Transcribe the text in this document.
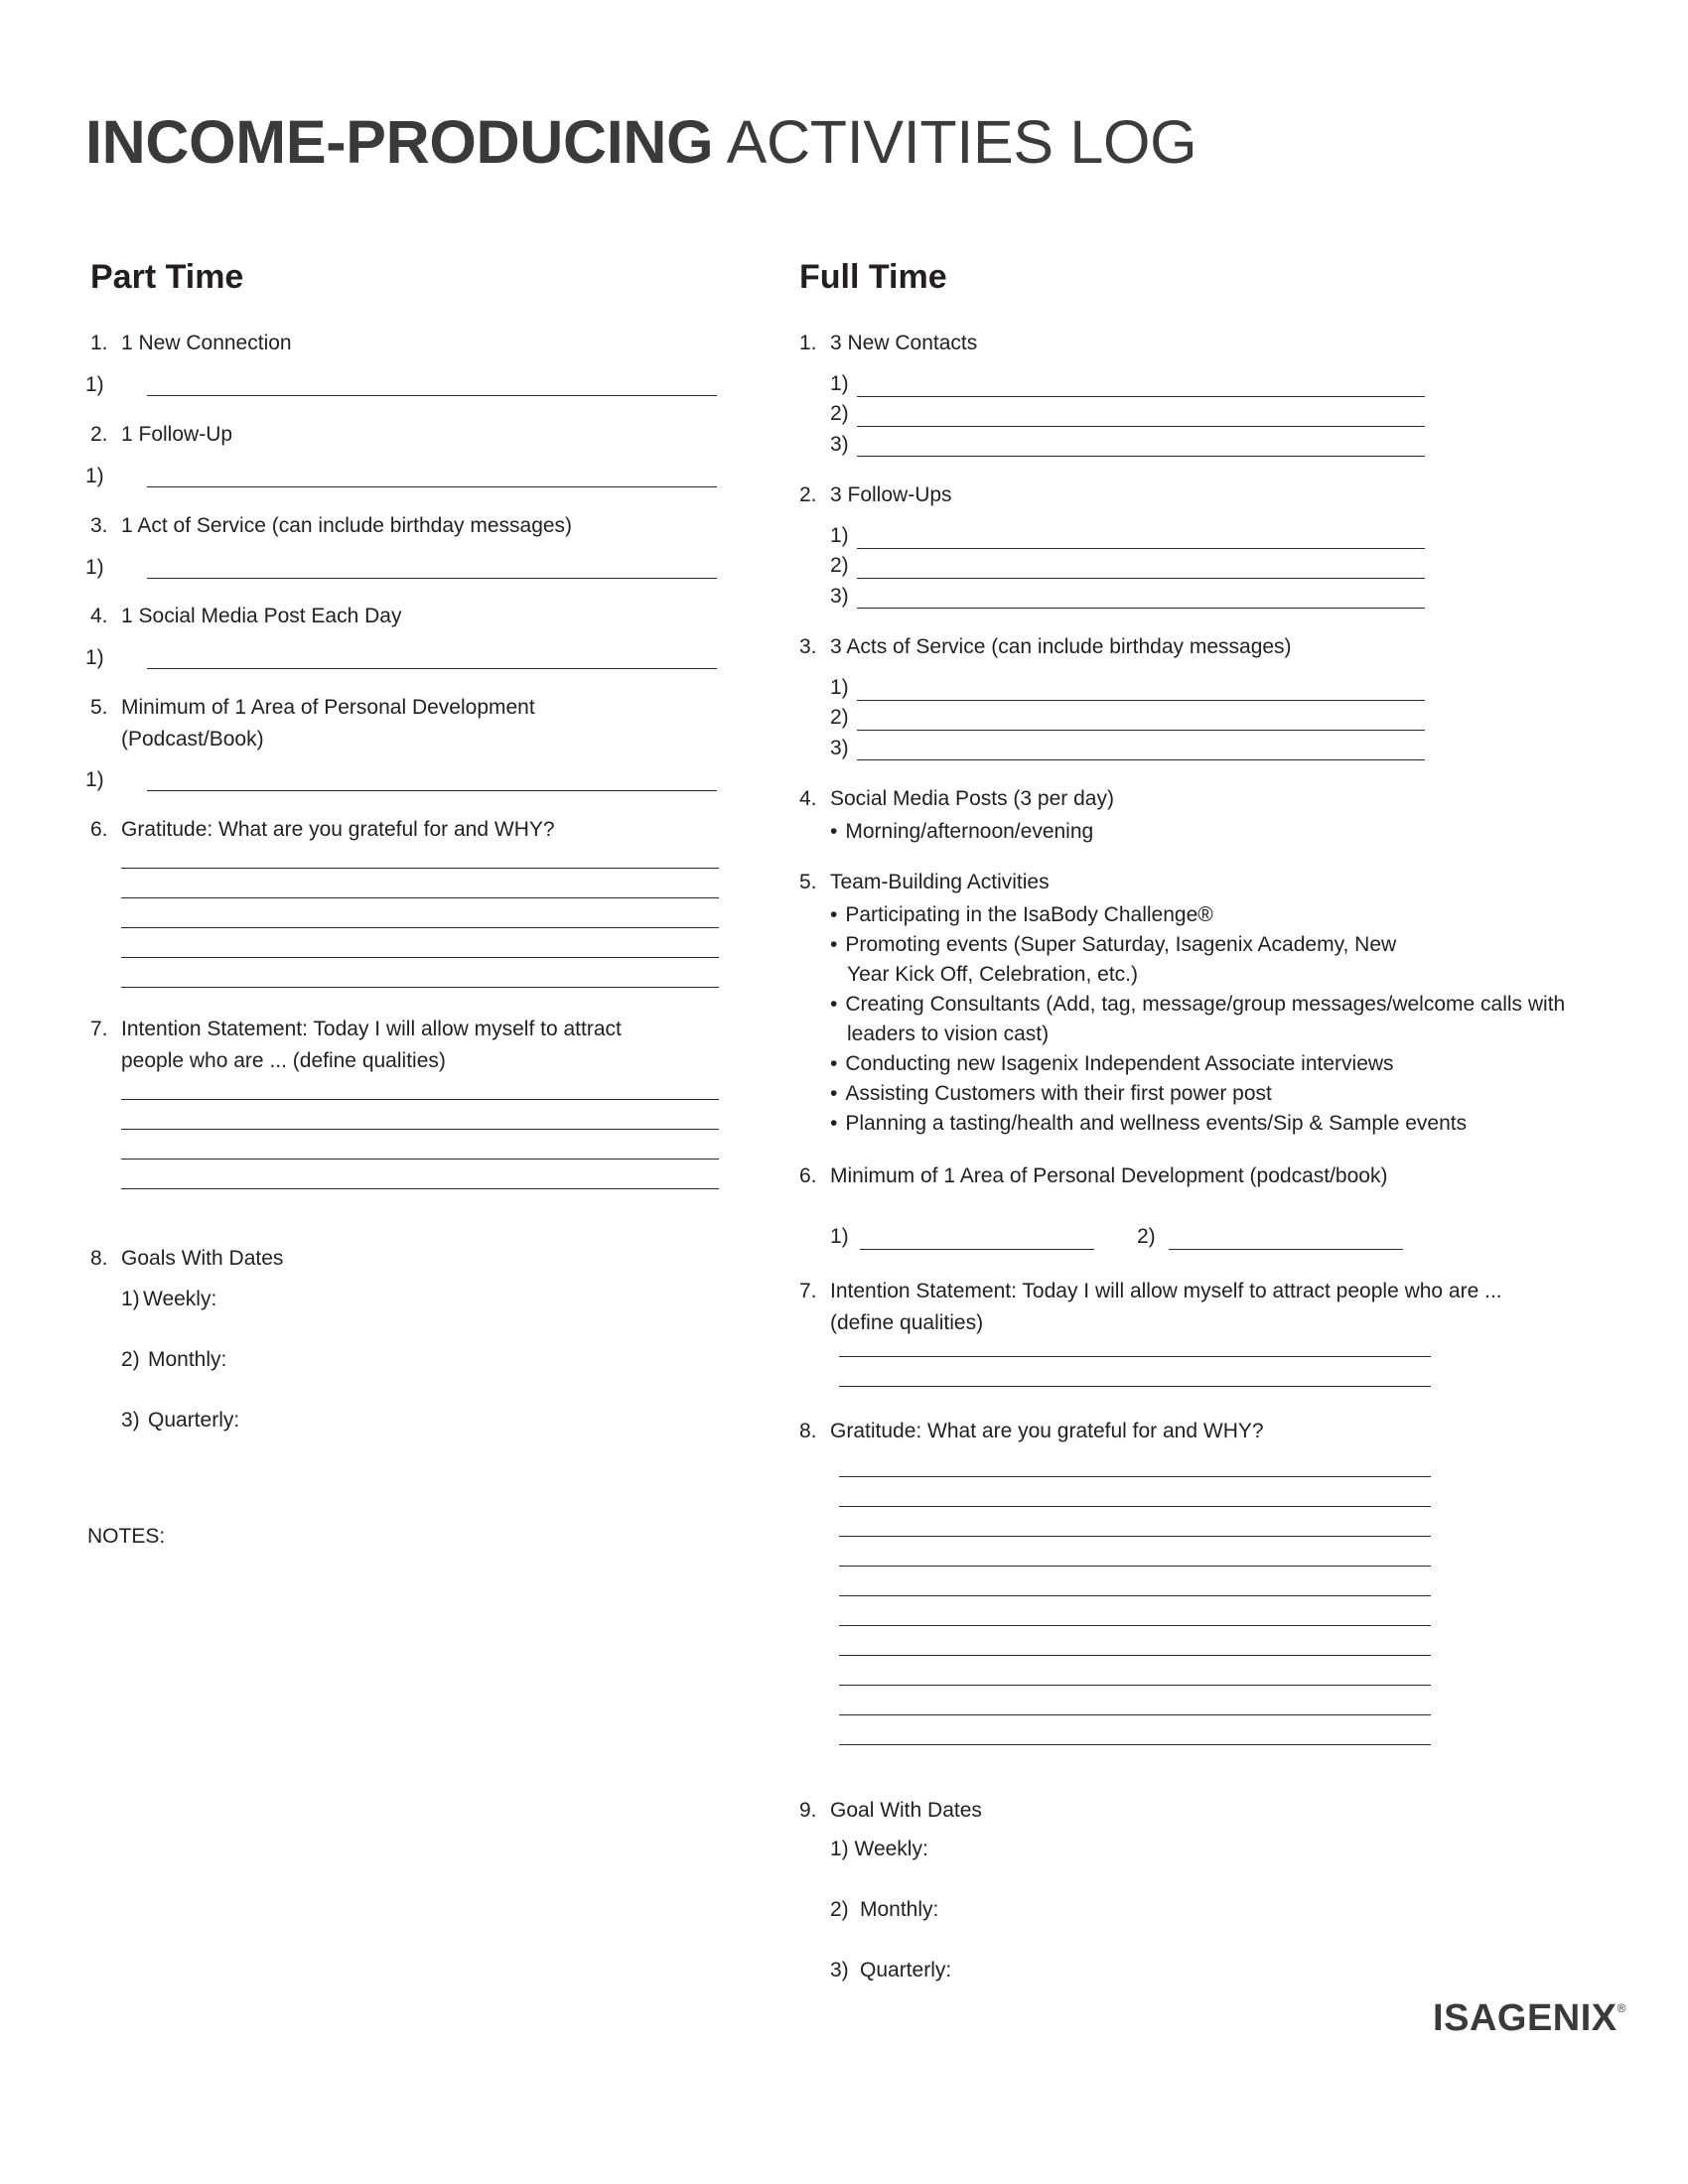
INCOME-PRODUCING ACTIVITIES LOG
Part Time
1. 1 New Connection
1)
2. 1 Follow-Up
1)
3. 1 Act of Service (can include birthday messages)
1)
4. 1 Social Media Post Each Day
1)
5. Minimum of 1 Area of Personal Development
(Podcast/Book)
1)
6. Gratitude: What are you grateful for and WHY?
7. Intention Statement: Today I will allow myself to attract
people who are ... (define qualities)
8. Goals With Dates
1) Weekly:
2) Monthly:
3) Quarterly:
NOTES:
Full Time
1. 3 New Contacts
1)
2)
3)
2. 3 Follow-Ups
1)
2)
3)
3. 3 Acts of Service (can include birthday messages)
1)
2)
3)
4. Social Media Posts (3 per day)
• Morning/afternoon/evening
5. Team-Building Activities
• Participating in the IsaBody Challenge®
• Promoting events (Super Saturday, Isagenix Academy, New
Year Kick Off, Celebration, etc.)
• Creating Consultants (Add, tag, message/group messages/welcome calls with
leaders to vision cast)
• Conducting new Isagenix Independent Associate interviews
• Assisting Customers with their first power post
• Planning a tasting/health and wellness events/Sip & Sample events
6. Minimum of 1 Area of Personal Development (podcast/book)
1)	2)
7. Intention Statement: Today I will allow myself to attract people who are ...
(define qualities)
8. Gratitude: What are you grateful for and WHY?
9. Goal With Dates
1) Weekly:
2) Monthly:
3) Quarterly:
ISAGENIX®
